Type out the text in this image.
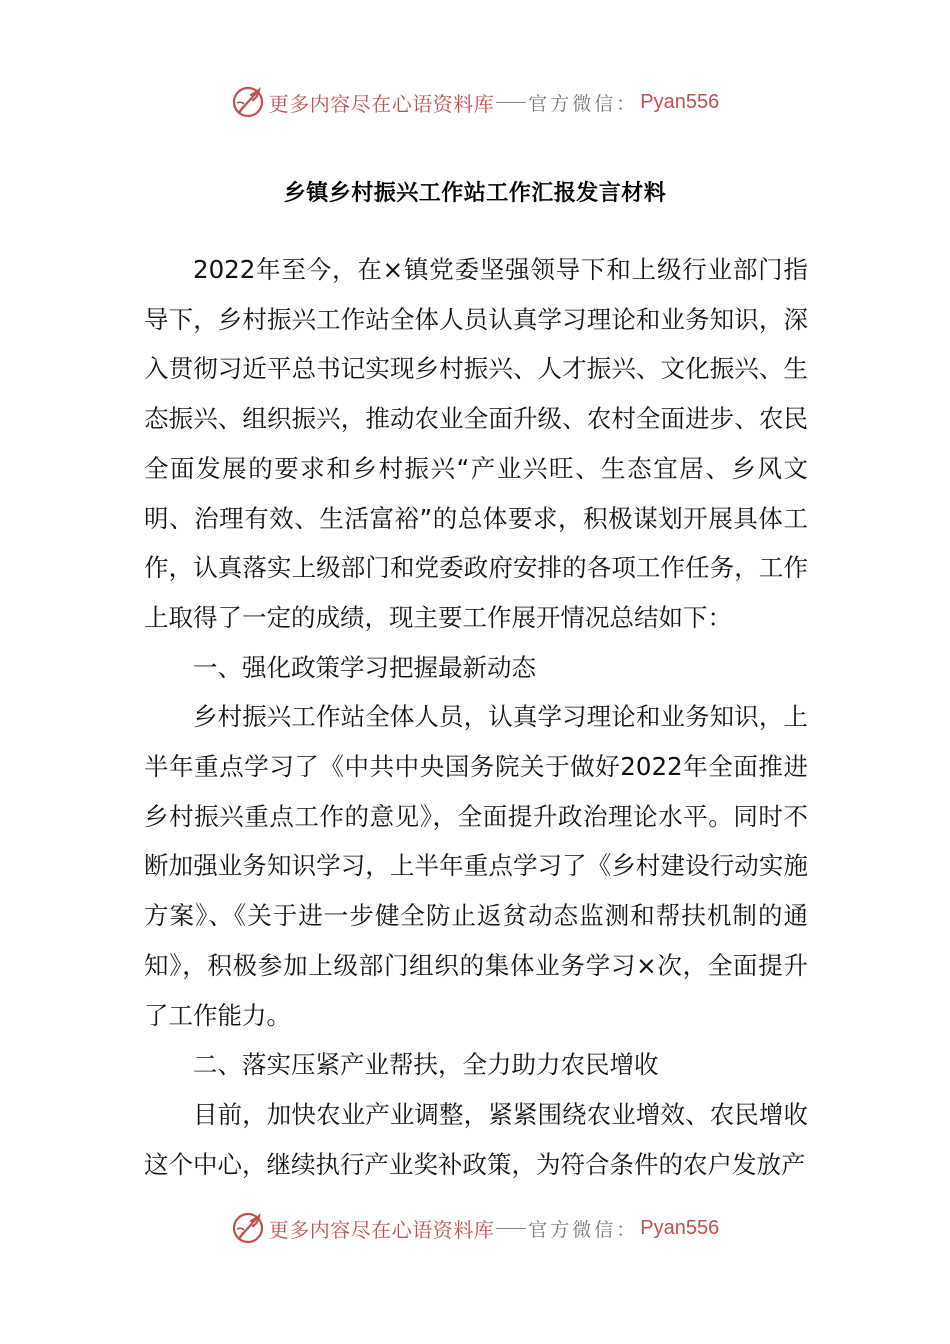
更多内容尽在心语资料库 官方微信： Pyan556
乡镇乡村振兴工作站工作汇报发言材料

2022年至今，在×镇党委坚强领导下和上级行业部门指导下，乡村振兴工作站全体人员认真学习理论和业务知识，深入贯彻习近平总书记实现乡村振兴、人才振兴、文化振兴、生态振兴、组织振兴，推动农业全面升级、农村全面进步、农民全面发展的要求和乡村振兴“产业兴旺、生态宜居、乡风文明、治理有效、生活富裕”的总体要求，积极谋划开展具体工作，认真落实上级部门和党委政府安排的各项工作任务，工作上取得了一定的成绩，现主要工作展开情况总结如下：

一、强化政策学习把握最新动态

乡村振兴工作站全体人员，认真学习理论和业务知识，上半年重点学习了《中共中央国务院关于做好2022年全面推进乡村振兴重点工作的意见》，全面提升政治理论水平。同时不断加强业务知识学习，上半年重点学习了《乡村建设行动实施方案》、《关于进一步健全防止返贫动态监测和帮扶机制的通知》，积极参加上级部门组织的集体业务学习×次，全面提升了工作能力。

二、落实压紧产业帮扶，全力助力农民增收

目前，加快农业产业调整，紧紧围绕农业增效、农民增收这个中心，继续执行产业奖补政策，为符合条件的农户发放产

更多内容尽在心语资料库 官方微信： Pyan556
